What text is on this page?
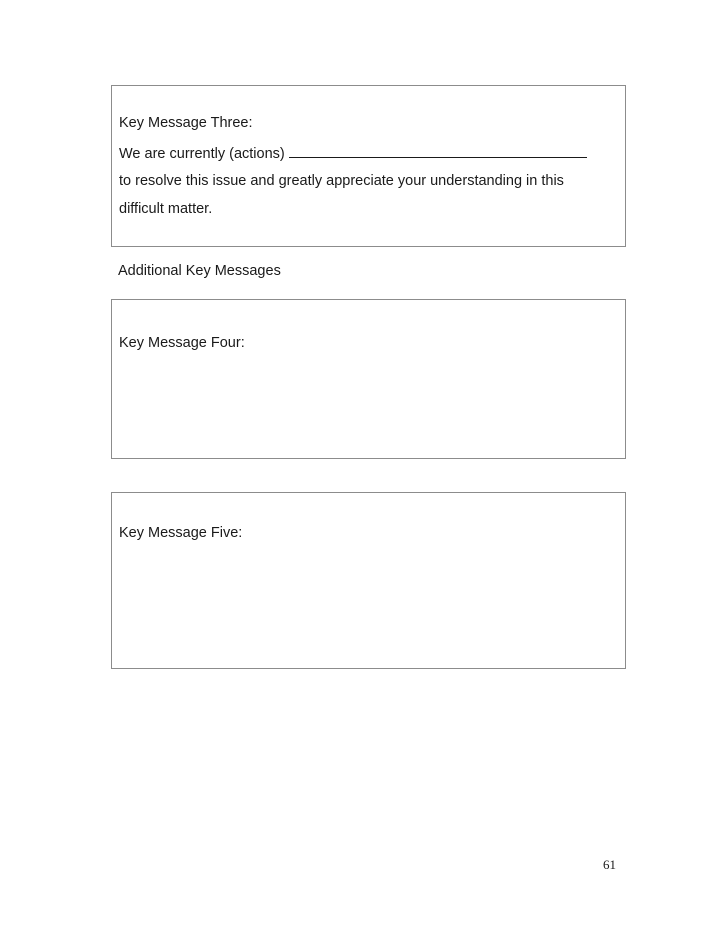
Key Message Three:
We are currently (actions)
to resolve this issue and greatly appreciate your understanding in this
difficult matter.
Additional Key Messages
Key Message Four:
Key Message Five:
61
